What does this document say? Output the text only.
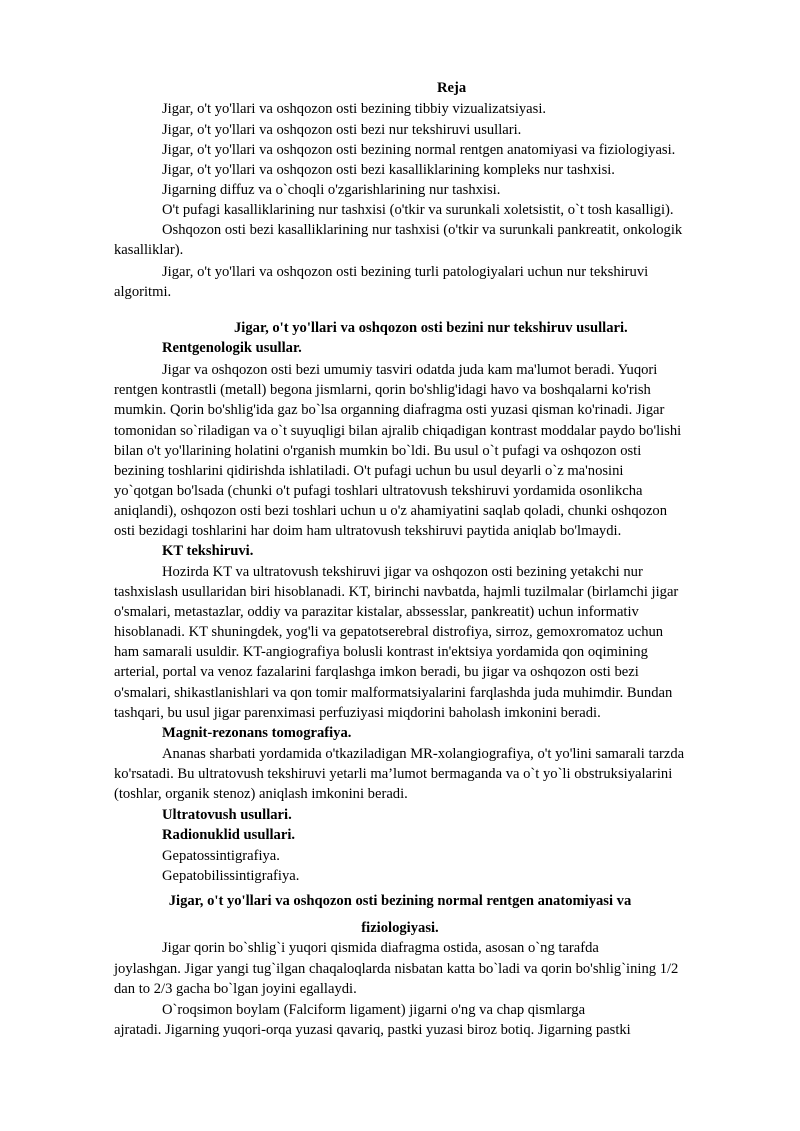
Reja
Jigar, o't yo'llari va oshqozon osti bezining tibbiy vizualizatsiyasi.
Jigar, o't yo'llari va oshqozon osti bezi nur tekshiruvi usullari.
Jigar, o't yo'llari va oshqozon osti bezining normal rentgen anatomiyasi va fiziologiyasi.
Jigar, o't yo'llari va oshqozon osti bezi kasalliklarining kompleks nur tashxisi.
Jigarning diffuz va o`choqli o'zgarishlarining nur tashxisi.
O't pufagi kasalliklarining nur tashxisi (o'tkir va surunkali xoletsistit, o`t tosh kasalligi).
Oshqozon osti bezi kasalliklarining nur tashxisi (o'tkir va surunkali pankreatit, onkologik
kasalliklar).
Jigar, o't yo'llari va oshqozon osti bezining turli patologiyalari uchun nur tekshiruvi
algoritmi.
Jigar, o't yo'llari va oshqozon osti bezini nur tekshiruv usullari.
Rentgenologik usullar.
Jigar va oshqozon osti bezi umumiy tasviri odatda juda kam ma'lumot beradi. Yuqori
rentgen kontrastli (metall) begona jismlarni, qorin bo'shlig'idagi havo va boshqalarni ko'rish
mumkin. Qorin bo'shlig'ida gaz bo`lsa organning diafragma osti yuzasi qisman ko'rinadi. Jigar
tomonidan so`riladigan va o`t suyuqligi bilan ajralib chiqadigan kontrast moddalar paydo bo'lishi
bilan o't yo'llarining holatini o'rganish mumkin bo`ldi. Bu usul o`t pufagi va oshqozon osti
bezining toshlarini qidirishda ishlatiladi. O't pufagi uchun bu usul deyarli o`z ma'nosini
yo`qotgan bo'lsada (chunki o't pufagi toshlari ultratovush tekshiruvi yordamida osonlikcha
aniqlandi), oshqozon osti bezi toshlari uchun u o'z ahamiyatini saqlab qoladi, chunki oshqozon
osti bezidagi toshlarini har doim ham ultratovush tekshiruvi paytida aniqlab bo'lmaydi.
KT tekshiruvi.
Hozirda KT va ultratovush tekshiruvi jigar va oshqozon osti bezining yetakchi nur
tashxislash usullaridan biri hisoblanadi. KT, birinchi navbatda, hajmli tuzilmalar (birlamchi jigar
o'smalari, metastazlar, oddiy va parazitar kistalar, abssesslar, pankreatit) uchun informativ
hisoblanadi. KT shuningdek, yog'li va gepatotserebral distrofiya, sirroz, gemoxromatoz uchun
ham samarali usuldir. KT-angiografiya bolusli kontrast in'ektsiya yordamida qon oqimining
arterial, portal va venoz fazalarini farqlashga imkon beradi, bu jigar va oshqozon osti bezi
o'smalari, shikastlanishlari va qon tomir malformatsiyalarini farqlashda juda muhimdir. Bundan
tashqari, bu usul jigar parenximasi perfuziyasi miqdorini baholash imkonini beradi.
Magnit-rezonans tomografiya.
Ananas sharbati yordamida o'tkaziladigan MR-xolangiografiya, o't yo'lini samarali tarzda
ko'rsatadi. Bu ultratovush tekshiruvi yetarli ma’lumot bermaganda va o`t yo`li obstruksiyalarini
(toshlar, organik stenoz) aniqlash imkonini beradi.
Ultratovush usullari.
Radionuklid usullari.
Gepatossintigrafiya.
Gepatobilissintigrafiya.
Jigar, o't yo'llari va oshqozon osti bezining normal rentgen anatomiyasi va
fiziologiyasi.
Jigar qorin bo`shlig`i yuqori qismida diafragma ostida, asosan o`ng tarafda
joylashgan. Jigar yangi tug`ilgan chaqaloqlarda nisbatan katta bo`ladi va qorin bo'shlig`ining 1/2
dan to 2/3 gacha bo`lgan joyini egallaydi.
O`roqsimon boylam (Falciform ligament) jigarni o'ng va chap qismlarga
ajratadi. Jigarning yuqori-orqa yuzasi qavariq, pastki yuzasi biroz botiq. Jigarning pastki
